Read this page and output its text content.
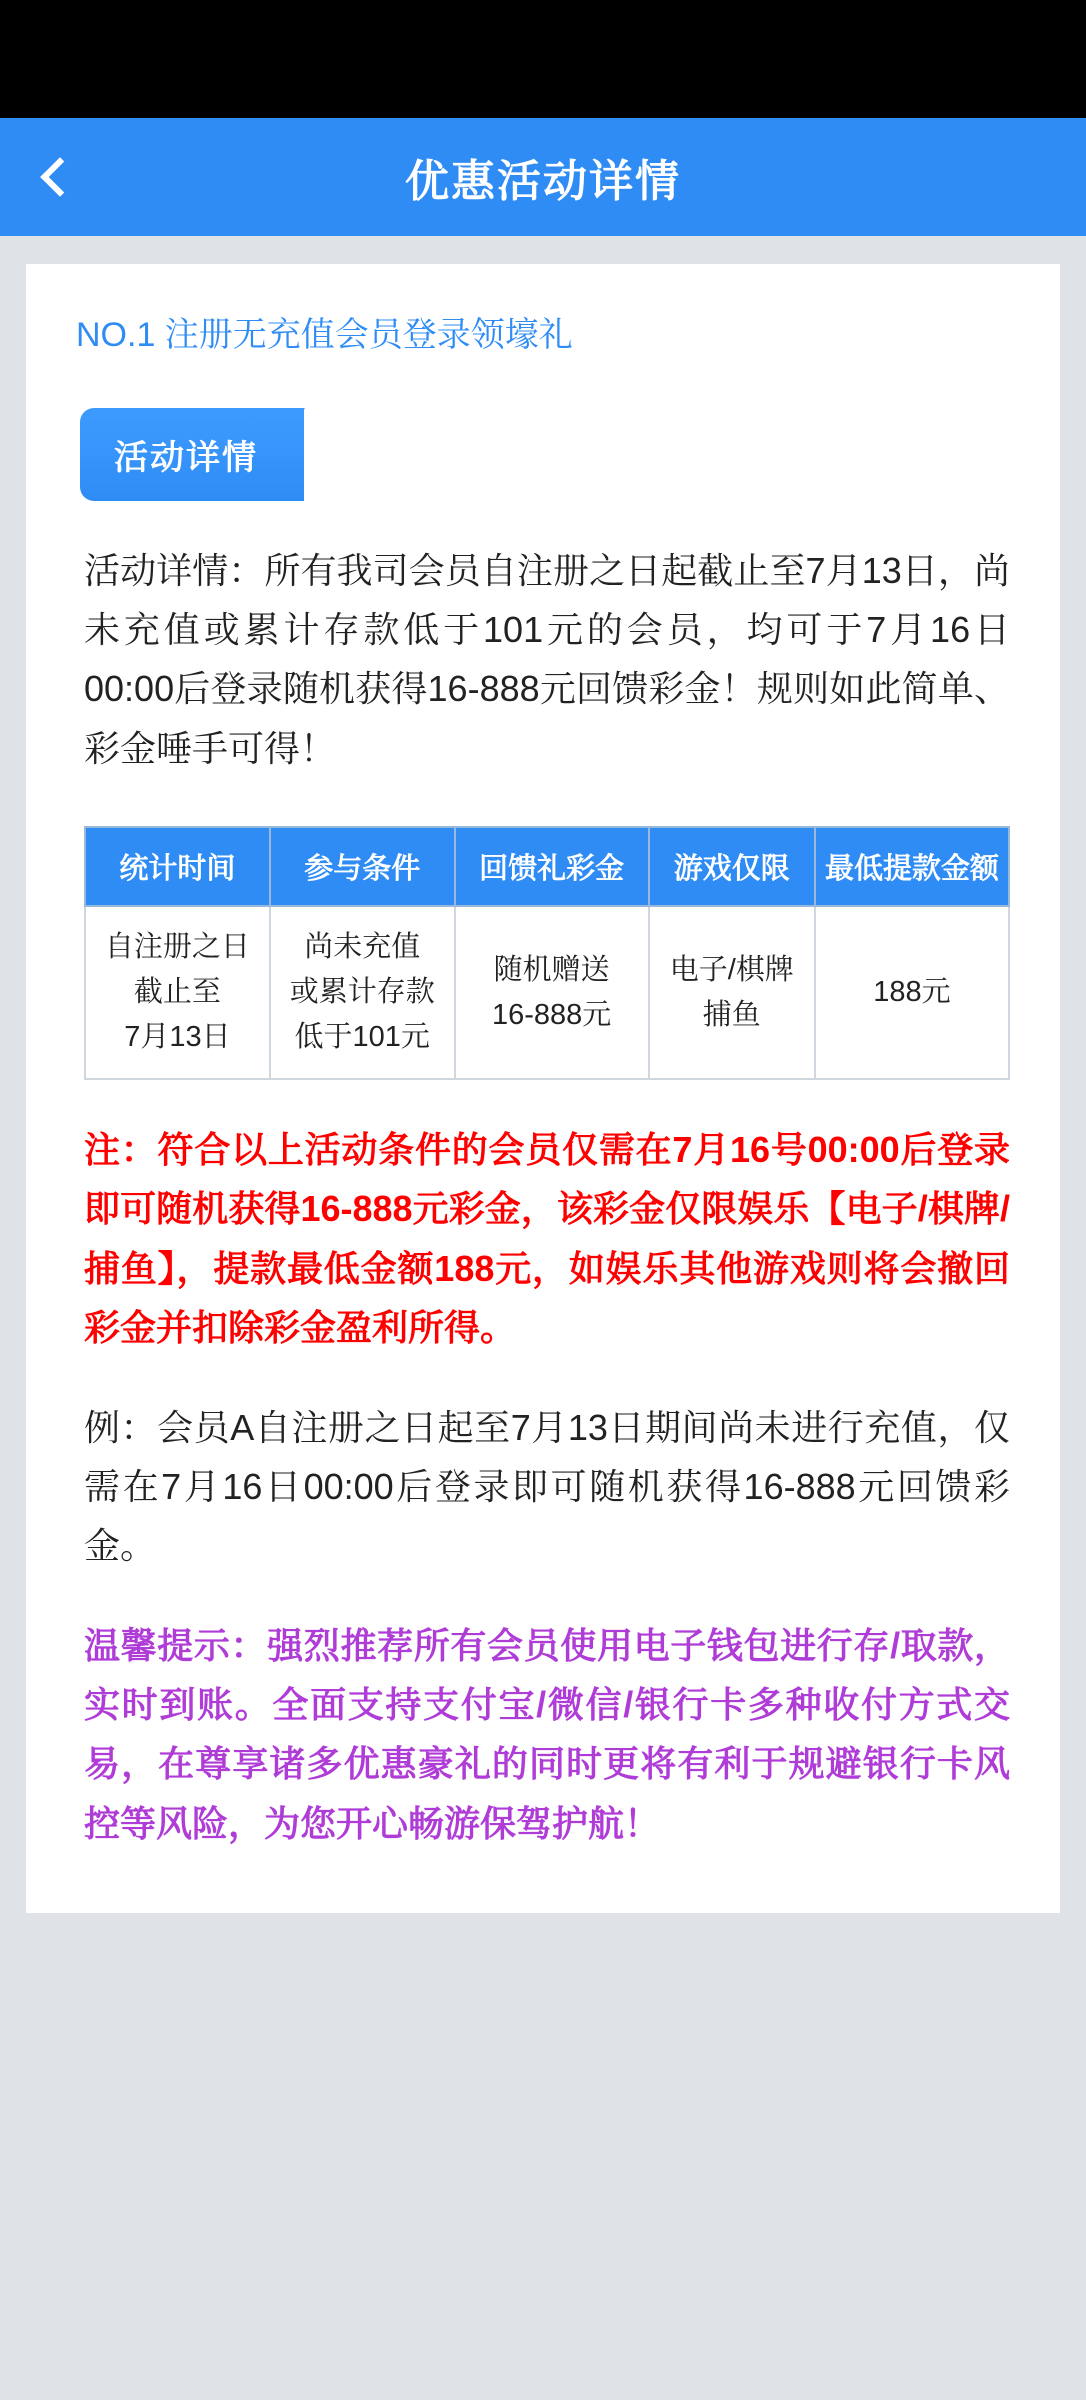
优惠活动详情
NO.1 注册无充值会员登录领壕礼
活动详情

活动详情：所有我司会员自注册之日起截止至7月13日，尚未充值或累计存款低于101元的会员，均可于7月16日00:00后登录随机获得16-888元回馈彩金！规则如此简单、彩金唾手可得！

统计时间	参与条件	回馈礼彩金	游戏仅限	最低提款金额

自注册之日
截止至
7月13日	尚未充值
或累计存款
低于101元	随机赠送
16-888元	电子/棋牌
捕鱼	188元

注：符合以上活动条件的会员仅需在7月16号00:00后登录即可随机获得16-888元彩金，该彩金仅限娱乐【电子/棋牌/捕鱼】，提款最低金额188元，如娱乐其他游戏则将会撤回彩金并扣除彩金盈利所得。

例：会员A自注册之日起至7月13日期间尚未进行充值，仅需在7月16日00:00后登录即可随机获得16-888元回馈彩金。

温馨提示：强烈推荐所有会员使用电子钱包进行存/取款，实时到账。全面支持支付宝/微信/银行卡多种收付方式交易，在尊享诸多优惠豪礼的同时更将有利于规避银行卡风控等风险，为您开心畅游保驾护航！
